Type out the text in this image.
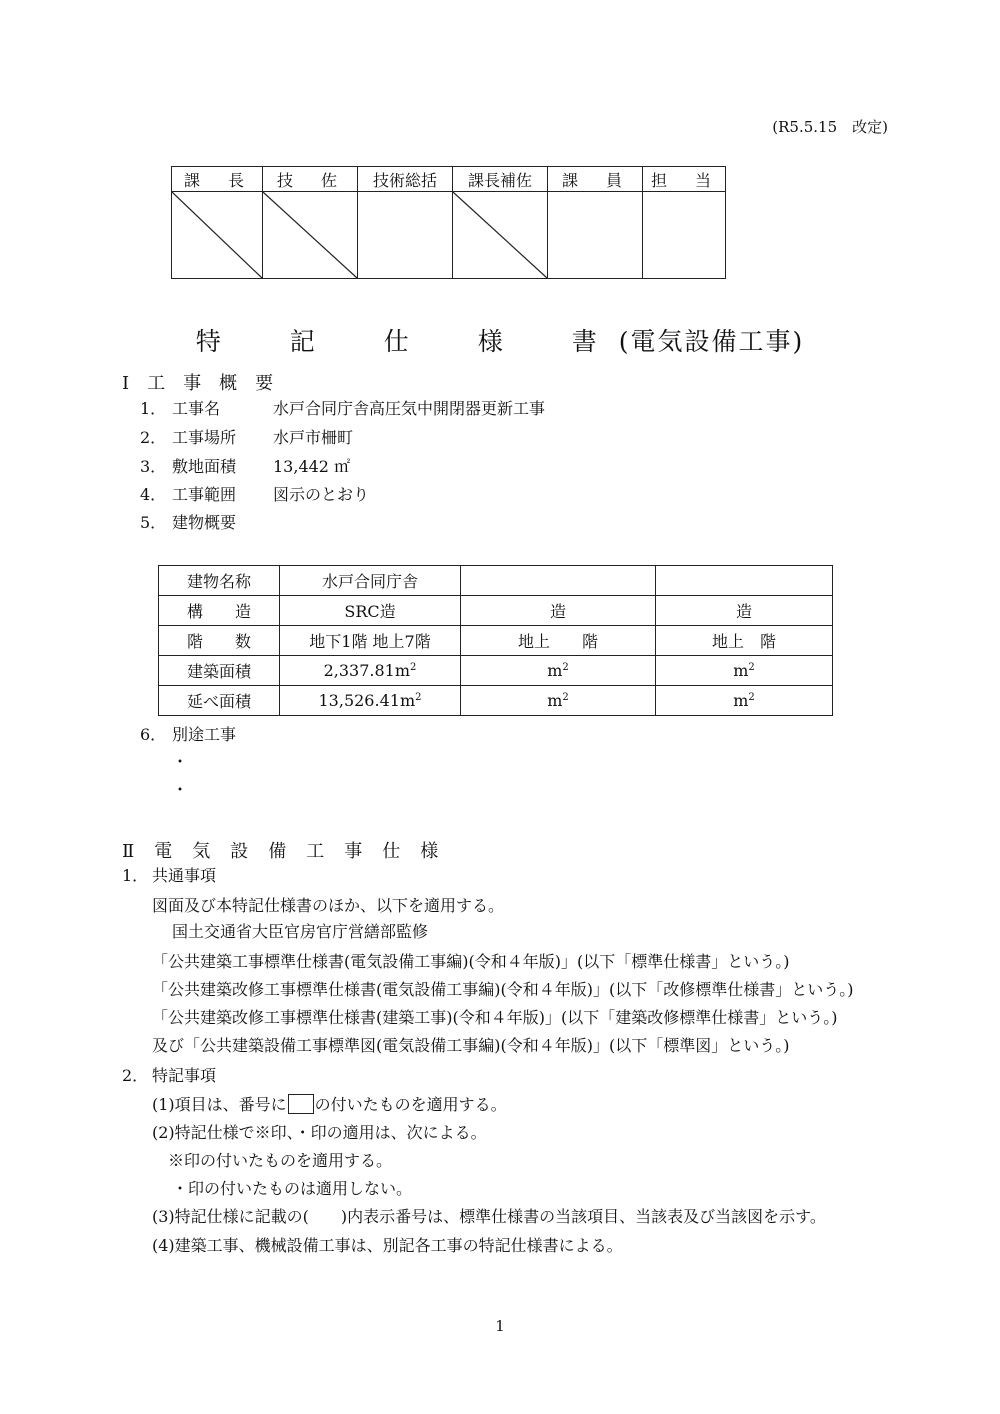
(R5.5.15　改定)
課　長	技　佐	技術総括	課長補佐	課　員	担　当

特　記　仕　様　書(電気設備工事)
Ⅰ　工　事　概　要
1． 工事名	水戸合同庁舎高圧気中開閉器更新工事
2． 工事場所 水戸市柵町
3． 敷地面積 13,442 ㎡
4． 工事範囲 図示のとおり
5． 建物概要
建物名称	水戸合同庁舎		
構　　造	SRC造	造	造
階　　数	地下1階 地上7階	地上　　階	地上　階
建築面積	$2,337.81m^2$	$m^2$	$m^2$
延べ面積	$13,526.41m^2$	$m^2$	$m^2$
6． 別途工事
・
・
Ⅱ　電　気　設　備　工　事　仕　様
1． 共通事項
図面及び本特記仕様書のほか、以下を適用する。
国土交通省大臣官房官庁営繕部監修
「公共建築工事標準仕様書(電気設備工事編)(令和４年版)」(以下「標準仕様書」という。)
「公共建築改修工事標準仕様書(電気設備工事編)(令和４年版)」(以下「改修標準仕様書」という。)
「公共建築改修工事標準仕様書(建築工事)(令和４年版)」(以下「建築改修標準仕様書」という。)
及び「公共建築設備工事標準図(電気設備工事編)(令和４年版)」(以下「標準図」という。)
2． 特記事項
(1)項目は、番号に の付いたものを適用する。
(2)特記仕様で※印、・印の適用は、次による。
※印の付いたものを適用する。
・印の付いたものは適用しない。
(3)特記仕様に記載の(　　)内表示番号は、標準仕様書の当該項目、当該表及び当該図を示す。
(4)建築工事、機械設備工事は、別記各工事の特記仕様書による。
1
